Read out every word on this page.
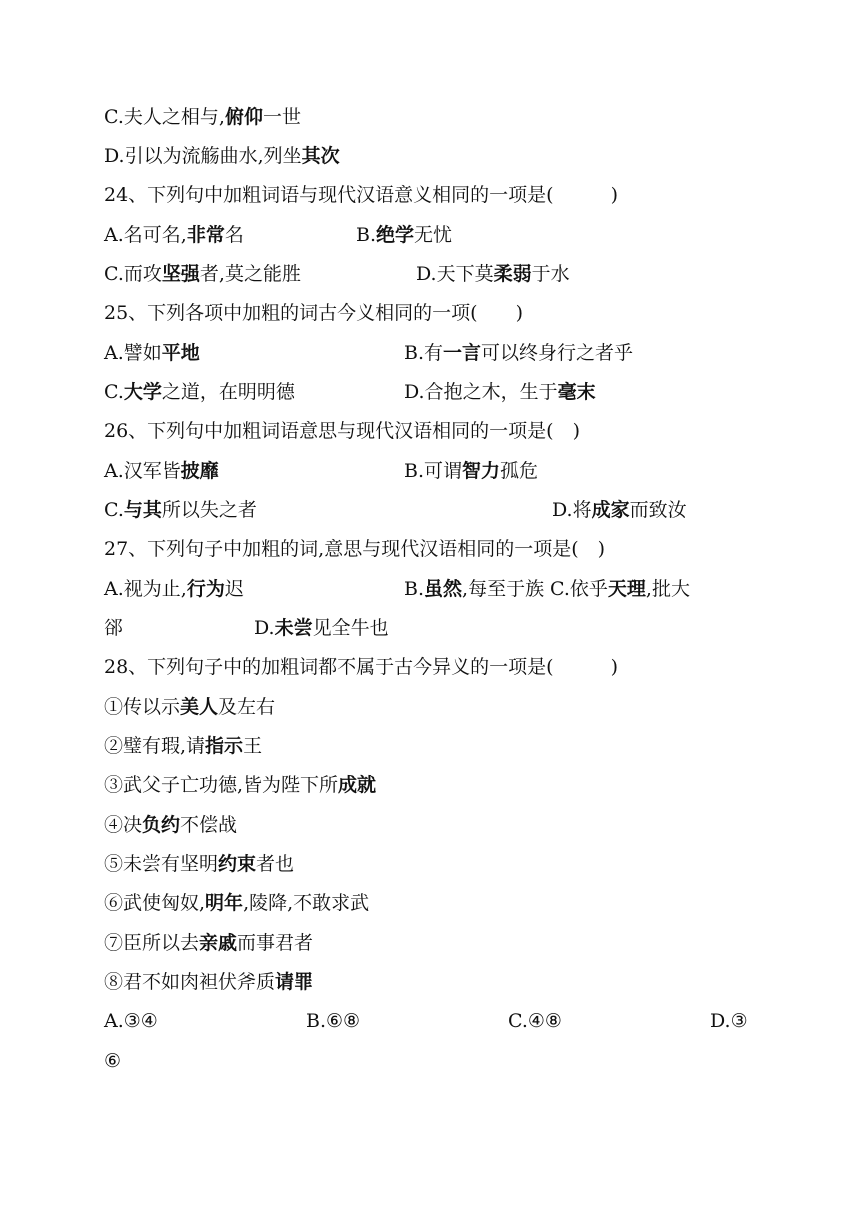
C.夫人之相与,俯仰一世
D.引以为流觞曲水,列坐其次
24、下列句中加粗词语与现代汉语意义相同的一项是(　　　)
A.名可名,非常名	B.绝学无忧
C.而攻坚强者,莫之能胜	D.天下莫柔弱于水
25、下列各项中加粗的词古今义相同的一项(　　)
A.譬如平地	B.有一言可以终身行之者乎
C.大学之道，在明明德	D.合抱之木，生于毫末
26、下列句中加粗词语意思与现代汉语相同的一项是(　)
A.汉军皆披靡	B.可谓智力孤危
C.与其所以失之者	D.将成家而致汝
27、下列句子中加粗的词,意思与现代汉语相同的一项是(　)
A.视为止,行为迟	B.虽然,每至于族 C.依乎天理,批大
郤	D.未尝见全牛也
28、下列句子中的加粗词都不属于古今异义的一项是(　　　)
①传以示美人及左右
②璧有瑕,请指示王
③武父子亡功德,皆为陛下所成就
④决负约不偿战
⑤未尝有坚明约束者也
⑥武使匈奴,明年,陵降,不敢求武
⑦臣所以去亲戚而事君者
⑧君不如肉袒伏斧质请罪
A.③④	B.⑥⑧	C.④⑧	D.③
⑥
